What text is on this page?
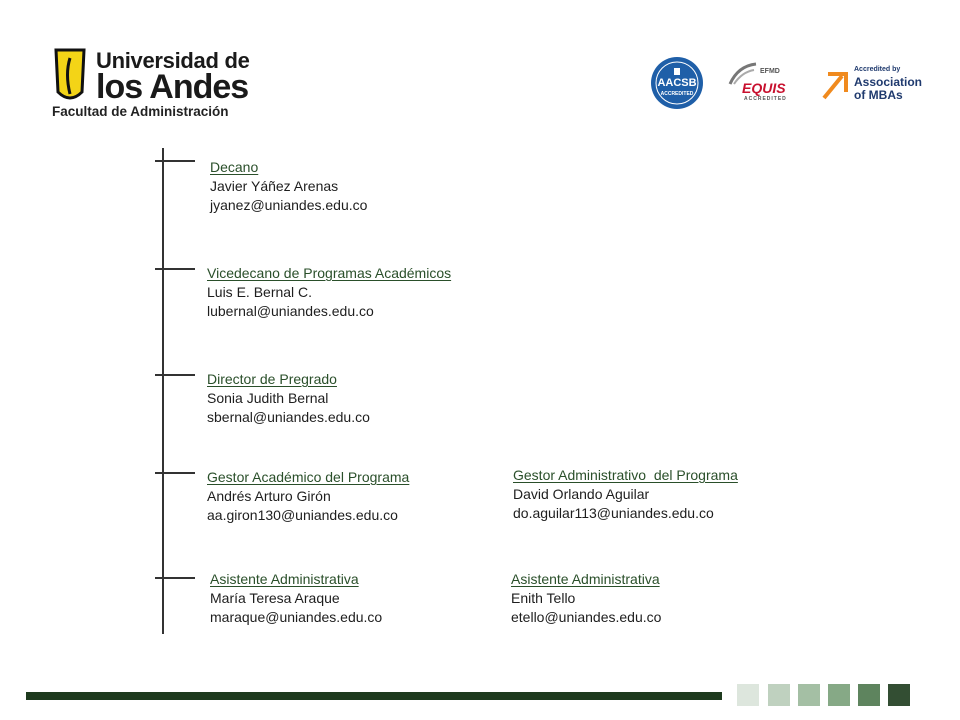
Universidad de
los Andes
Facultad de Administración
AACSB
ACCREDITED
EFMD
EQUIS
ACCREDITED
Accredited by
Association
of MBAs
Decano
Javier Yáñez Arenas
jyanez@uniandes.edu.co
Vicedecano de Programas Académicos
Luis E. Bernal C.
lubernal@uniandes.edu.co
Director de Pregrado
Sonia Judith Bernal
sbernal@uniandes.edu.co
Gestor Académico del Programa
Andrés Arturo Girón
aa.giron130@uniandes.edu.co
Gestor Administrativo  del Programa
David Orlando Aguilar
do.aguilar113@uniandes.edu.co
Asistente Administrativa
María Teresa Araque
maraque@uniandes.edu.co
Asistente Administrativa
Enith Tello
etello@uniandes.edu.co
